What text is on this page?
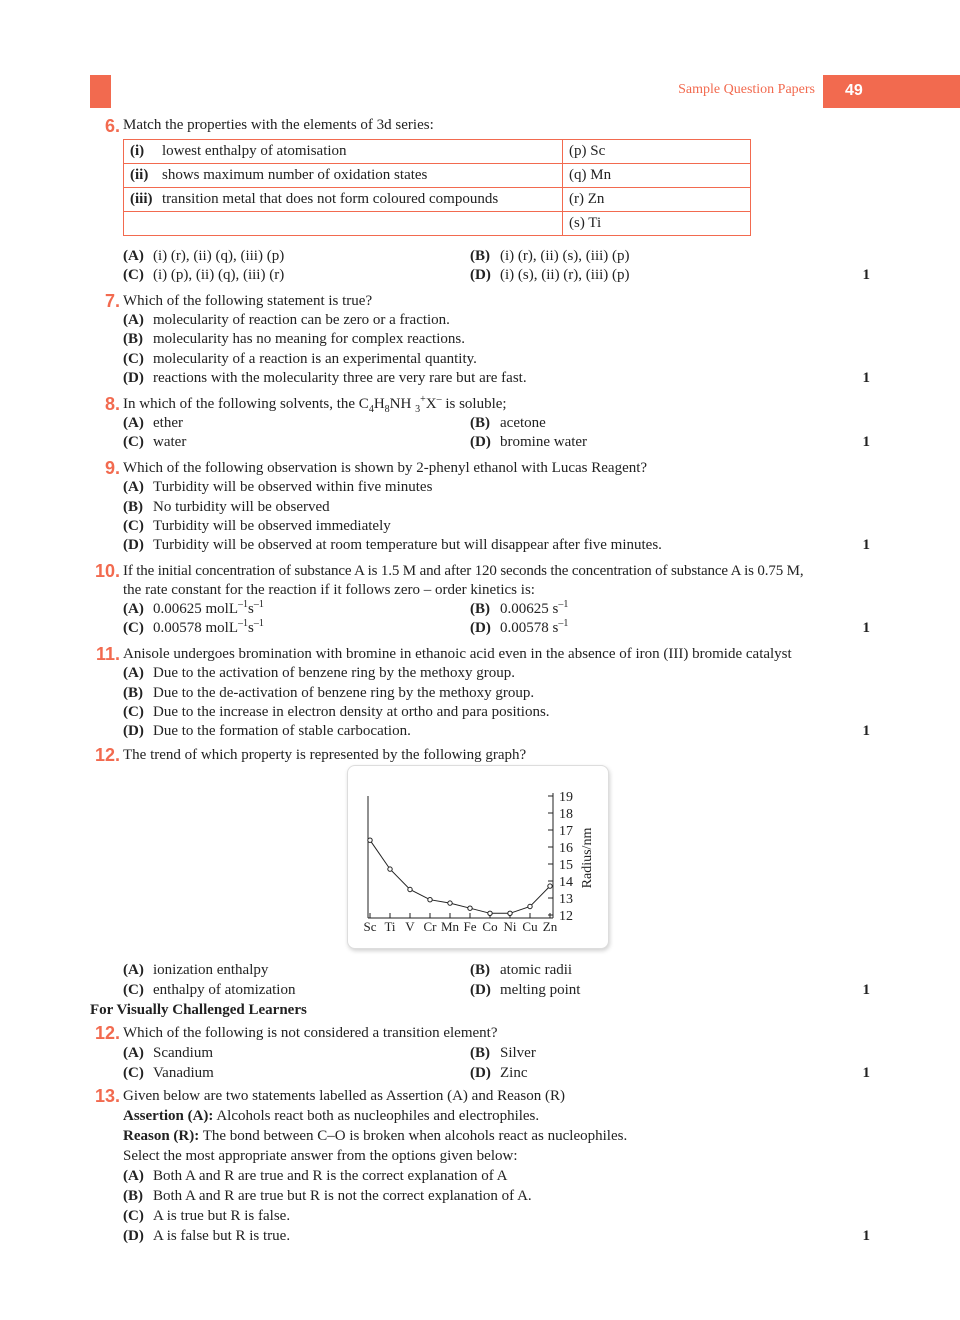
Sample Question Papers 49
6. Match the properties with the elements of 3d series:
(i) lowest enthalpy of atomisation	(p) Sc
(ii) shows maximum number of oxidation states	(q) Mn
(iii) transition metal that does not form coloured compounds	(r) Zn
	(s) Ti
(A) (i) (r), (ii) (q), (iii) (p)	(B) (i) (r), (ii) (s), (iii) (p)
(C) (i) (p), (ii) (q), (iii) (r)	(D) (i) (s), (ii) (r), (iii) (p)	1
7. Which of the following statement is true?
(A) molecularity of reaction can be zero or a fraction.
(B) molecularity has no meaning for complex reactions.
(C) molecularity of a reaction is an experimental quantity.
(D) reactions with the molecularity three are very rare but are fast.	1
8. In which of the following solvents, the $C_4H_8NH$ $_3$+X– is soluble;
(A) ether	(B) acetone
(C) water	(D) bromine water	1
9. Which of the following observation is shown by 2-phenyl ethanol with Lucas Reagent?
(A) Turbidity will be observed within five minutes
(B) No turbidity will be observed
(C) Turbidity will be observed immediately
(D) Turbidity will be observed at room temperature but will disappear after five minutes.	1
10. If the initial concentration of substance A is 1.5 M and after 120 seconds the concentration of substance A is 0.75 M,
the rate constant for the reaction if it follows zero – order kinetics is:
(A) 0.00625 $molL^{-1}s^{-1}$	(B) 0.00625 $s^{-1}$
(C) 0.00578 $molL^{-1}s^{-1}$	(D) 0.00578 $s^{-1}$	1
11. Anisole undergoes bromination with bromine in ethanoic acid even in the absence of iron (III) bromide catalyst
(A) Due to the activation of benzene ring by the methoxy group.
(B) Due to the de-activation of benzene ring by the methoxy group.
(C) Due to the increase in electron density at ortho and para positions.
(D) Due to the formation of stable carbocation.	1
12. The trend of which property is represented by the following graph?
Sc Ti V Cr Mn Fe Co Ni Cu Zn
19
18
17
16
15
14
13
12
Radius/nm
(A) ionization enthalpy	(B) atomic radii
(C) enthalpy of atomization	(D) melting point	1
For Visually Challenged Learners
12. Which of the following is not considered a transition element?
(A) Scandium	(B) Silver
(C) Vanadium	(D) Zinc	1
13. Given below are two statements labelled as Assertion (A) and Reason (R)
Assertion (A): Alcohols react both as nucleophiles and electrophiles.
Reason (R): The bond between C–O is broken when alcohols react as nucleophiles.
Select the most appropriate answer from the options given below:
(A) Both A and R are true and R is the correct explanation of A
(B) Both A and R are true but R is not the correct explanation of A.
(C) A is true but R is false.
(D) A is false but R is true.	1
